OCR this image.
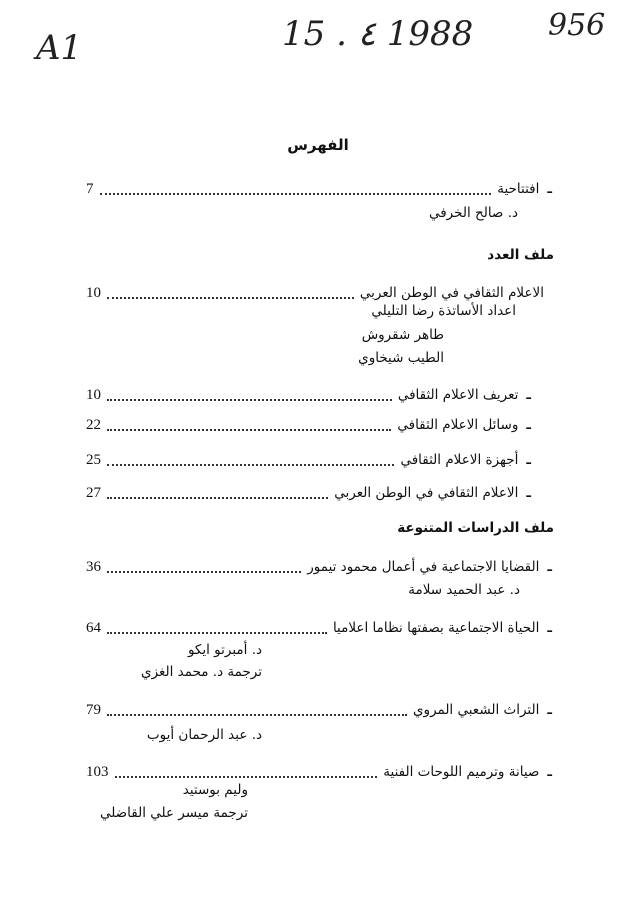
A1	15 . ٤ 1988 956
الفهرس
ـ
افتتاحية
7
د. صالح الخرفي
ملف العدد
الاعلام الثقافي في الوطن العربي
10
اعداد الأساتذة رضا التليلي
طاهر شقروش
الطيب شيخاوي
ـ
تعريف الاعلام الثقافي
10
ـ
وسائل الاعلام الثقافي
22
ـ
أجهزة الاعلام الثقافي
25
ـ
الاعلام الثقافي في الوطن العربي
27
ملف الدراسات المتنوعة
ـ
القضايا الاجتماعية في أعمال محمود تيمور
36
د. عبد الحميد سلامة
ـ
الحياة الاجتماعية بصفتها نظاما اعلاميا
64
د. أمبرتو ايكو
ترجمة د. محمد الغزي
ـ
التراث الشعبي المروي
79
د. عبد الرحمان أيوب
ـ
صيانة وترميم اللوحات الفنية
103
وليم بوستيد
ترجمة ميسر علي القاضلي
